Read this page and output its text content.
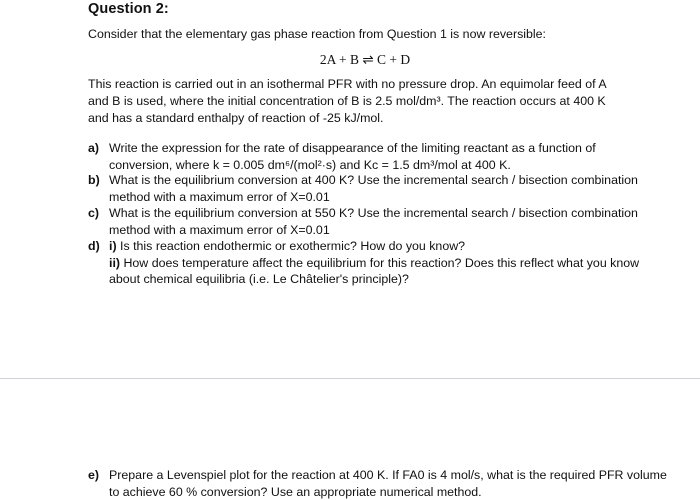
Question 2:
Consider that the elementary gas phase reaction from Question 1 is now reversible:
2A + B ⇌ C + D
This reaction is carried out in an isothermal PFR with no pressure drop. An equimolar feed of A and B is used, where the initial concentration of B is 2.5 mol/dm³. The reaction occurs at 400 K and has a standard enthalpy of reaction of -25 kJ/mol.
a) Write the expression for the rate of disappearance of the limiting reactant as a function of
conversion, where k = 0.005 dm⁶/(mol²·s) and Kc = 1.5 dm³/mol at 400 K.
b) What is the equilibrium conversion at 400 K? Use the incremental search / bisection combination
method with a maximum error of X=0.01
c) What is the equilibrium conversion at 550 K? Use the incremental search / bisection combination
method with a maximum error of X=0.01
d) i) Is this reaction endothermic or exothermic? How do you know?
ii) How does temperature affect the equilibrium for this reaction? Does this reflect what you know
about chemical equilibria (i.e. Le Châtelier's principle)?
e) Prepare a Levenspiel plot for the reaction at 400 K. If FA0 is 4 mol/s, what is the required PFR volume
to achieve 60 % conversion? Use an appropriate numerical method.
